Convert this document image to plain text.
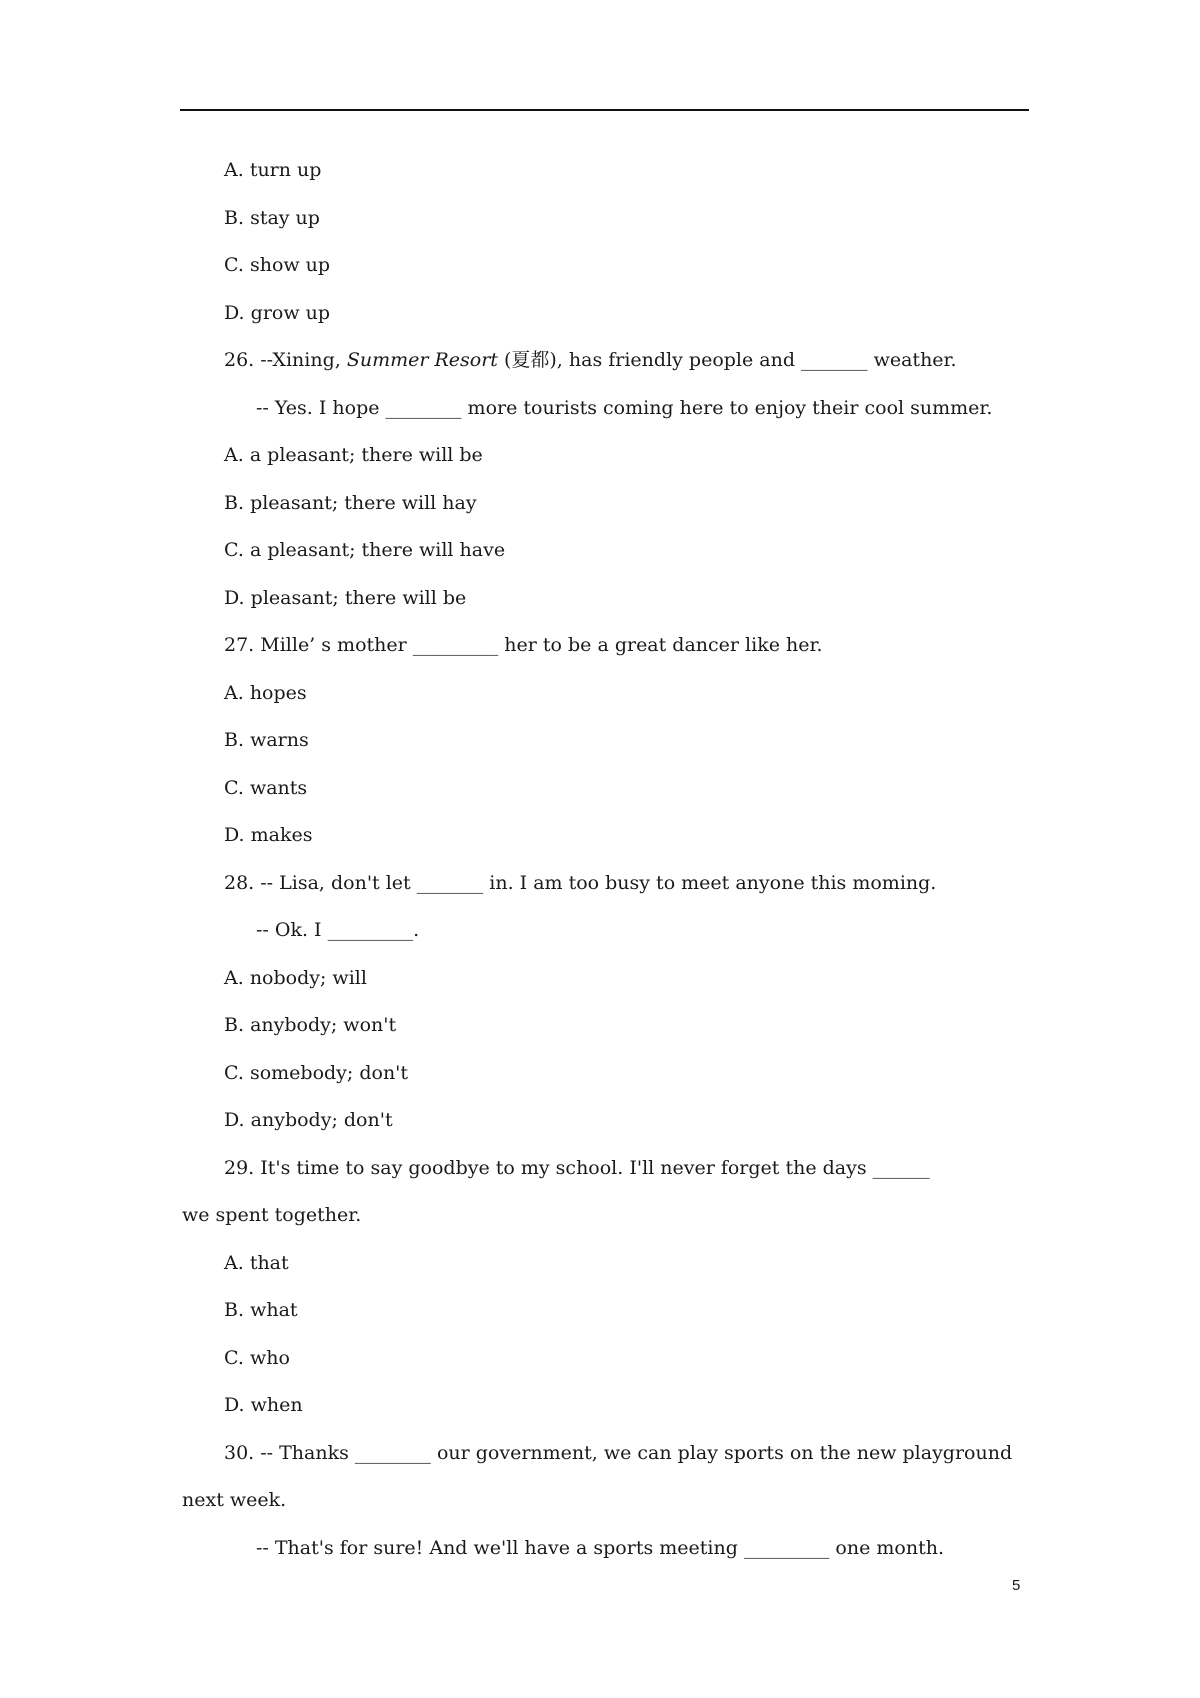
A. turn up
B. stay up
C. show up
D. grow up
26. --Xining, Summer Resort (夏都), has friendly people and _______ weather.
-- Yes. I hope ________ more tourists coming here to enjoy their cool summer.
A. a pleasant; there will be
B. pleasant; there will hay
C. a pleasant; there will have
D. pleasant; there will be
27. Mille’ s mother _________ her to be a great dancer like her.
A. hopes
B. warns
C. wants
D. makes
28. -- Lisa, don't let _______ in. I am too busy to meet anyone this moming.
-- Ok. I _________.
A. nobody; will
B. anybody; won't
C. somebody; don't
D. anybody; don't
29. It's time to say goodbye to my school. I'll never forget the days ______
we spent together.
A. that
B. what
C. who
D. when
30. -- Thanks ________ our government, we can play sports on the new playground
next week.
-- That's for sure! And we'll have a sports meeting _________ one month.
5
